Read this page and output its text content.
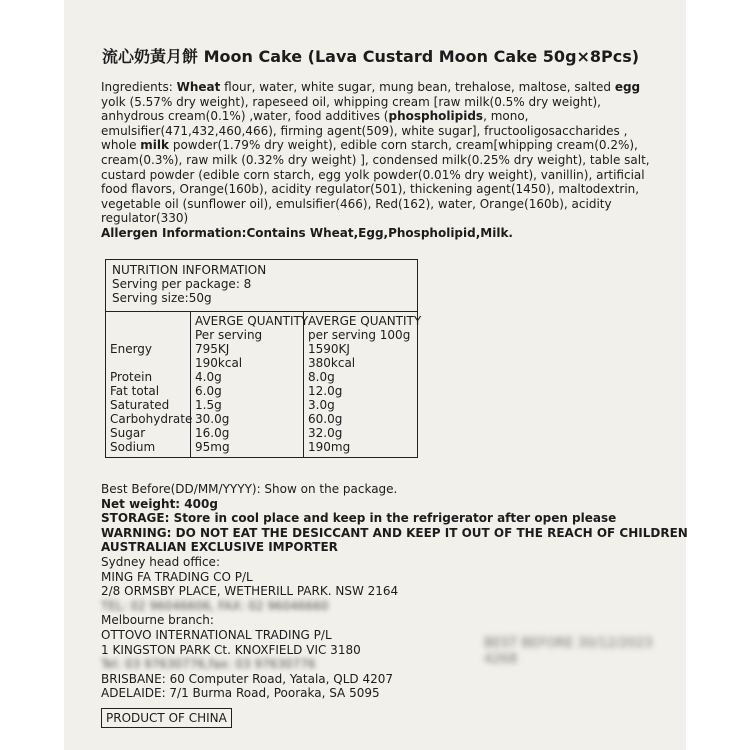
流心奶黃月餅 Moon Cake (Lava Custard Moon Cake 50g×8Pcs)
Ingredients: Wheat flour, water, white sugar, mung bean, trehalose, maltose, salted egg yolk (5.57% dry weight), rapeseed oil, whipping cream [raw milk(0.5% dry weight), anhydrous cream(0.1%) ,water, food additives (phospholipids, mono, emulsifier(471,432,460,466), firming agent(509), white sugar], fructooligosaccharides , whole milk powder(1.79% dry weight), edible corn starch, cream[whipping cream(0.2%), cream(0.3%), raw milk (0.32% dry weight) ], condensed milk(0.25% dry weight), table salt, custard powder (edible corn starch, egg yolk powder(0.01% dry weight), vanillin), artificial food flavors, Orange(160b), acidity regulator(501), thickening agent(1450), maltodextrin, vegetable oil (sunflower oil), emulsifier(466), Red(162), water, Orange(160b), acidity regulator(330)
Allergen Information:Contains Wheat,Egg,Phospholipid,Milk.
NUTRITION INFORMATION
Serving per package: 8
Serving size:50g
Energy
Protein
Fat total
Saturated
Carbohydrate
Sugar
Sodium
AVERGE QUANTITY
Per serving
795KJ
190kcal
4.0g
6.0g
1.5g
30.0g
16.0g
95mg
AVERGE QUANTITY
per serving 100g
1590KJ
380kcal
8.0g
12.0g
3.0g
60.0g
32.0g
190mg
Best Before(DD/MM/YYYY): Show on the package.
Net weight: 400g
STORAGE: Store in cool place and keep in the refrigerator after open please
WARNING: DO NOT EAT THE DESICCANT AND KEEP IT OUT OF THE REACH OF CHILDREN
AUSTRALIAN EXCLUSIVE IMPORTER
Sydney head office:
MING FA TRADING CO P/L
2/8 ORMSBY PLACE, WETHERILL PARK. NSW 2164
TEL: 02 96046606, FAX: 02 96046660
Melbourne branch:
OTTOVO INTERNATIONAL TRADING P/L
1 KINGSTON PARK Ct. KNOXFIELD VIC 3180
Tel: 03 97630776,fax: 03 97630776
BRISBANE: 60 Computer Road, Yatala, QLD 4207
ADELAIDE: 7/1 Burma Road, Pooraka, SA 5095
BEST BEFORE 30/12/2023
4268
PRODUCT OF CHINA
